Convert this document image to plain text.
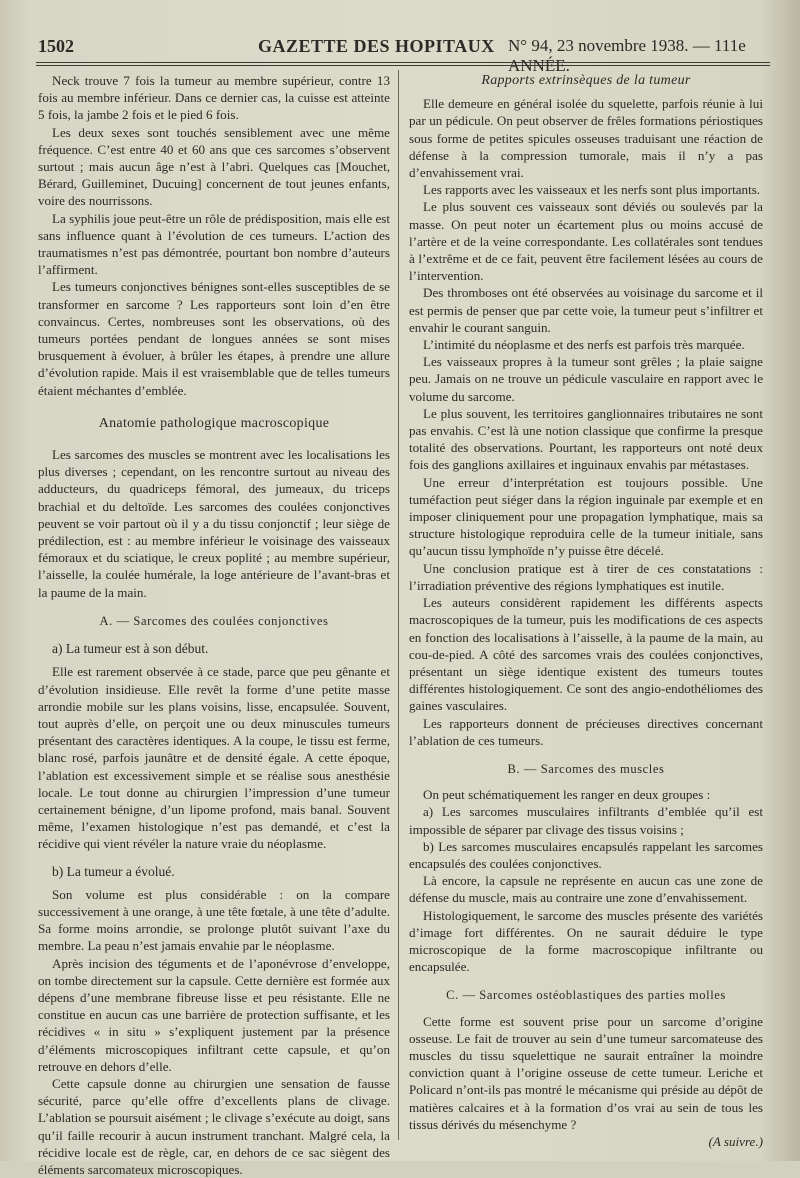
1502	GAZETTE DES HOPITAUX N° 94, 23 novembre 1938. — 111e ANNÉE.

Neck trouve 7 fois la tumeur au membre supérieur, contre 13 fois au membre inférieur. Dans ce dernier cas, la cuisse est atteinte 5 fois, la jambe 2 fois et le pied 6 fois.

Les deux sexes sont touchés sensiblement avec une même fréquence. C’est entre 40 et 60 ans que ces sarcomes s’observent surtout ; mais aucun âge n’est à l’abri. Quelques cas [Mouchet, Bérard, Guilleminet, Ducuing] concernent de tout jeunes enfants, voire des nourrissons.

La syphilis joue peut-être un rôle de prédisposition, mais elle est sans influence quant à l’évolution de ces tumeurs. L’action des traumatismes n’est pas démontrée, pourtant bon nombre d’auteurs l’affirment.

Les tumeurs conjonctives bénignes sont-elles susceptibles de se transformer en sarcome ? Les rapporteurs sont loin d’en être convaincus. Certes, nombreuses sont les observations, où des tumeurs portées pendant de longues années se sont mises brusquement à évoluer, à brûler les étapes, à prendre une allure d’évolution rapide. Mais il est vraisemblable que de telles tumeurs étaient méchantes d’emblée.

Anatomie pathologique macroscopique

Les sarcomes des muscles se montrent avec les localisations les plus diverses ; cependant, on les rencontre surtout au niveau des adducteurs, du quadriceps fémoral, des jumeaux, du triceps brachial et du deltoïde. Les sarcomes des coulées conjonctives peuvent se voir partout où il y a du tissu conjonctif ; leur siège de prédilection, est : au membre inférieur le voisinage des vaisseaux fémoraux et du sciatique, le creux poplité ; au membre supérieur, l’aisselle, la coulée humérale, la loge antérieure de l’avant-bras et la paume de la main.

A. — Sarcomes des coulées conjonctives
a) La tumeur est à son début.

Elle est rarement observée à ce stade, parce que peu gênante et d’évolution insidieuse. Elle revêt la forme d’une petite masse arrondie mobile sur les plans voisins, lisse, encapsulée. Souvent, tout auprès d’elle, on perçoit une ou deux minuscules tumeurs présentant des caractères identiques. A la coupe, le tissu est ferme, blanc rosé, parfois jaunâtre et de densité égale. A cette époque, l’ablation est excessivement simple et se réalise sous anesthésie locale. Le tout donne au chirurgien l’impression d’une tumeur certainement bénigne, d’un lipome profond, mais banal. Souvent même, l’examen histologique n’est pas demandé, et c’est la récidive qui vient révéler la nature vraie du néoplasme.

b) La tumeur a évolué.

Son volume est plus considérable : on la compare successivement à une orange, à une tête fœtale, à une tête d’adulte. Sa forme moins arrondie, se prolonge plutôt suivant l’axe du membre. La peau n’est jamais envahie par le néoplasme.

Après incision des téguments et de l’aponévrose d’enveloppe, on tombe directement sur la capsule. Cette dernière est formée aux dépens d’une membrane fibreuse lisse et peu résistante. Elle ne constitue en aucun cas une barrière de protection suffisante, et les récidives « in situ » s’expliquent justement par la présence d’éléments microscopiques infiltrant cette capsule, et qu’on retrouve en dehors d’elle.

Cette capsule donne au chirurgien une sensation de fausse sécurité, parce qu’elle offre d’excellents plans de clivage. L’ablation se poursuit aisément ; le clivage s’exécute au doigt, sans qu’il faille recourir à aucun instrument tranchant. Malgré cela, la récidive locale est de règle, car, en dehors de ce sac siègent des éléments sarcomateux microscopiques.

Rapports extrinsèques de la tumeur

Elle demeure en général isolée du squelette, parfois réunie à lui par un pédicule. On peut observer de frêles formations périostiques sous forme de petites spicules osseuses traduisant une réaction de défense à la compression tumorale, mais il n’y a pas d’envahissement vrai.

Les rapports avec les vaisseaux et les nerfs sont plus importants.

Le plus souvent ces vaisseaux sont déviés ou soulevés par la masse. On peut noter un écartement plus ou moins accusé de l’artère et de la veine correspondante. Les collatérales sont tendues à l’extrême et de ce fait, peuvent être facilement lésées au cours de l’intervention.

Des thromboses ont été observées au voisinage du sarcome et il est permis de penser que par cette voie, la tumeur peut s’infiltrer et envahir le courant sanguin.

L’intimité du néoplasme et des nerfs est parfois très marquée.

Les vaisseaux propres à la tumeur sont grêles ; la plaie saigne peu. Jamais on ne trouve un pédicule vasculaire en rapport avec le volume du sarcome.

Le plus souvent, les territoires ganglionnaires tributaires ne sont pas envahis. C’est là une notion classique que confirme la presque totalité des observations. Pourtant, les rapporteurs ont noté deux fois des ganglions axillaires et inguinaux envahis par métastases.

Une erreur d’interprétation est toujours possible. Une tuméfaction peut siéger dans la région inguinale par exemple et en imposer cliniquement pour une propagation lymphatique, mais sa structure histologique reproduira celle de la tumeur initiale, sans qu’aucun tissu lymphoïde n’y puisse être décelé.

Une conclusion pratique est à tirer de ces constatations : l’irradiation préventive des régions lymphatiques est inutile.

Les auteurs considèrent rapidement les différents aspects macroscopiques de la tumeur, puis les modifications de ces aspects en fonction des localisations à l’aisselle, à la paume de la main, au cou-de-pied. A côté des sarcomes vrais des coulées conjonctives, présentant un siège identique existent des tumeurs toutes différentes histologiquement. Ce sont des angio-endothéliomes des gaines vasculaires.

Les rapporteurs donnent de précieuses directives concernant l’ablation de ces tumeurs.

B. — Sarcomes des muscles

On peut schématiquement les ranger en deux groupes :

a) Les sarcomes musculaires infiltrants d’emblée qu’il est impossible de séparer par clivage des tissus voisins ;

b) Les sarcomes musculaires encapsulés rappelant les sarcomes encapsulés des coulées conjonctives.

Là encore, la capsule ne représente en aucun cas une zone de défense du muscle, mais au contraire une zone d’envahissement.

Histologiquement, le sarcome des muscles présente des variétés d’image fort différentes. On ne saurait déduire le type microscopique de la forme macroscopique infiltrante ou encapsulée.

C. — Sarcomes ostéoblastiques des parties molles

Cette forme est souvent prise pour un sarcome d’origine osseuse. Le fait de trouver au sein d’une tumeur sarcomateuse des muscles du tissu squelettique ne saurait entraîner la moindre conviction quant à l’origine osseuse de cette tumeur. Leriche et Policard n’ont-ils pas montré le mécanisme qui préside au dépôt de matières calcaires et à la formation d’os vrai au sein de tous les tissus dérivés du mésenchyme ?

(A suivre.)
